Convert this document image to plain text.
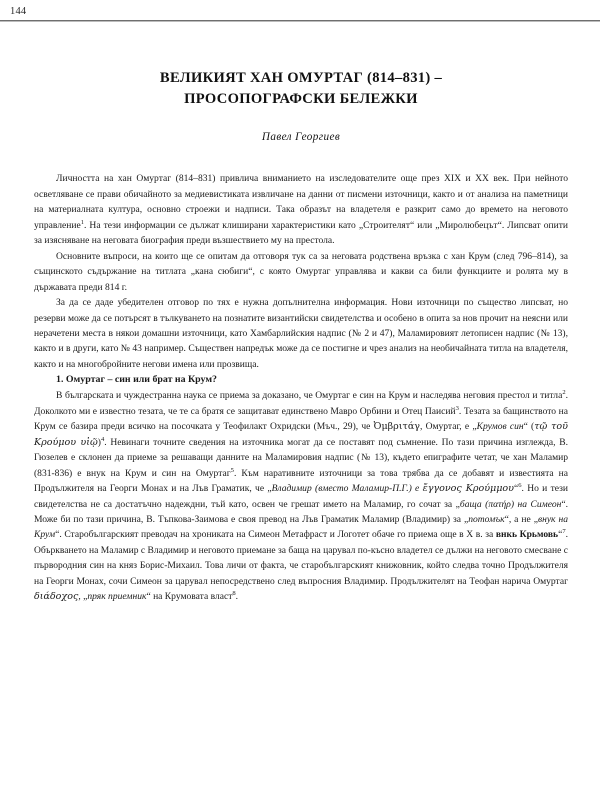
144
ВЕЛИКИЯТ ХАН ОМУРТАГ (814–831) –
ПРОСОПОГРАФСКИ БЕЛЕЖКИ
Павел Георгиев

Личността на хан Омуртаг (814–831) привлича вниманието на изследователите още през XIX и XX век. При нейното осветляване се прави обичайното за медиевистиката извличане на данни от писмени източници, както и от анализа на паметници на материалната култура, основно строежи и надписи. Така образът на владетеля е разкрит само до времето на неговото управление$^1$. На тези информации се дължат клиширани характеристики като „Строителят“ или „Миролюбецът“. Липсват опити за изясняване на неговата биография преди възшествието му на престола.

Основните въпроси, на които ще се опитам да отговоря тук са за неговата родствена връзка с хан Крум (след 796–814), за същинското съдържание на титлата „кана сюбиги“, с която Омуртаг управлява и какви са били функциите и ролята му в държавата преди 814 г.

За да се даде убедителен отговор по тях е нужна допълнителна информация. Нови източници по същество липсват, но резерви може да се потърсят в тълкуването на познатите византийски свидетелства и особено в опита за нов прочит на неясни или нерачетени места в някои домашни източници, като Хамбарлийския надпис (№ 2 и 47), Маламировият летописен надпис (№ 13), както и в други, като № 43 например. Съществен напредък може да се постигне и чрез анализ на необичайната титла на владетеля, както и на многобройните негови имена или прозвища.

1. Омуртаг – син или брат на Крум?

В българската и чуждестранна наука се приема за доказано, че Омуртаг е син на Крум и наследява неговия престол и титла$^2$. Доколкото ми е известно тезата, че те са братя се защитават единствено Мавро Орбини и Отец Паисий$^3$. Тезата за бащинството на Крум се базира преди всичко на посочката у Теофилакт Охридски (Мъч., 29), че Ὀμβριτάγ, Омуртаг, е „Крумов син“ (τῷ τοῦ Κρούμου υἱῷ)$^4$. Невинаги точните сведения на източника могат да се поставят под съмнение. По тази причина изглежда, В. Гюзелев е склонен да приеме за решаващи данните на Маламировия надпис (№ 13), където епиграфите четат, че хан Маламир (831-836) е внук на Крум и син на Омуртаг$^5$. Към наративните източници за това трябва да се добавят и известията на Продължителя на Георги Монах и на Лъв Граматик, че „Владимир (вместо Маламир-П.Г.) е ἔγγονος Κρούμμου“$^6$. Но и тези свидетелства не са достатъчно надеждни, тъй като, освен че грешат името на Маламир, го сочат за „баща (πατήρ) на Симеон“. Може би по тази причина, В. Тъпкова-Заимова е своя превод на Лъв Граматик Маламир (Владимир) за „потомък“, а не „внук на Крум“. Старобългарският преводач на хрониката на Симеон Метафраст и Логотет обаче го приема още в X в. за внкь Крьмовь“$^7$. Объркването на Маламир с Владимир и неговото приемане за баща на царувал по-късно владетел се дължи на неговото смесване с първородния син на княз Борис-Михаил. Това личи от факта, че старобългарският книжовник, който следва точно Продължителя на Георги Монах, сочи Симеон за царувал непосредствено след въпросния Владимир. Продължителят на Теофан нарича Омуртаг διάδοχος, „пряк приемник“ на Крумовата власт$^8$.
